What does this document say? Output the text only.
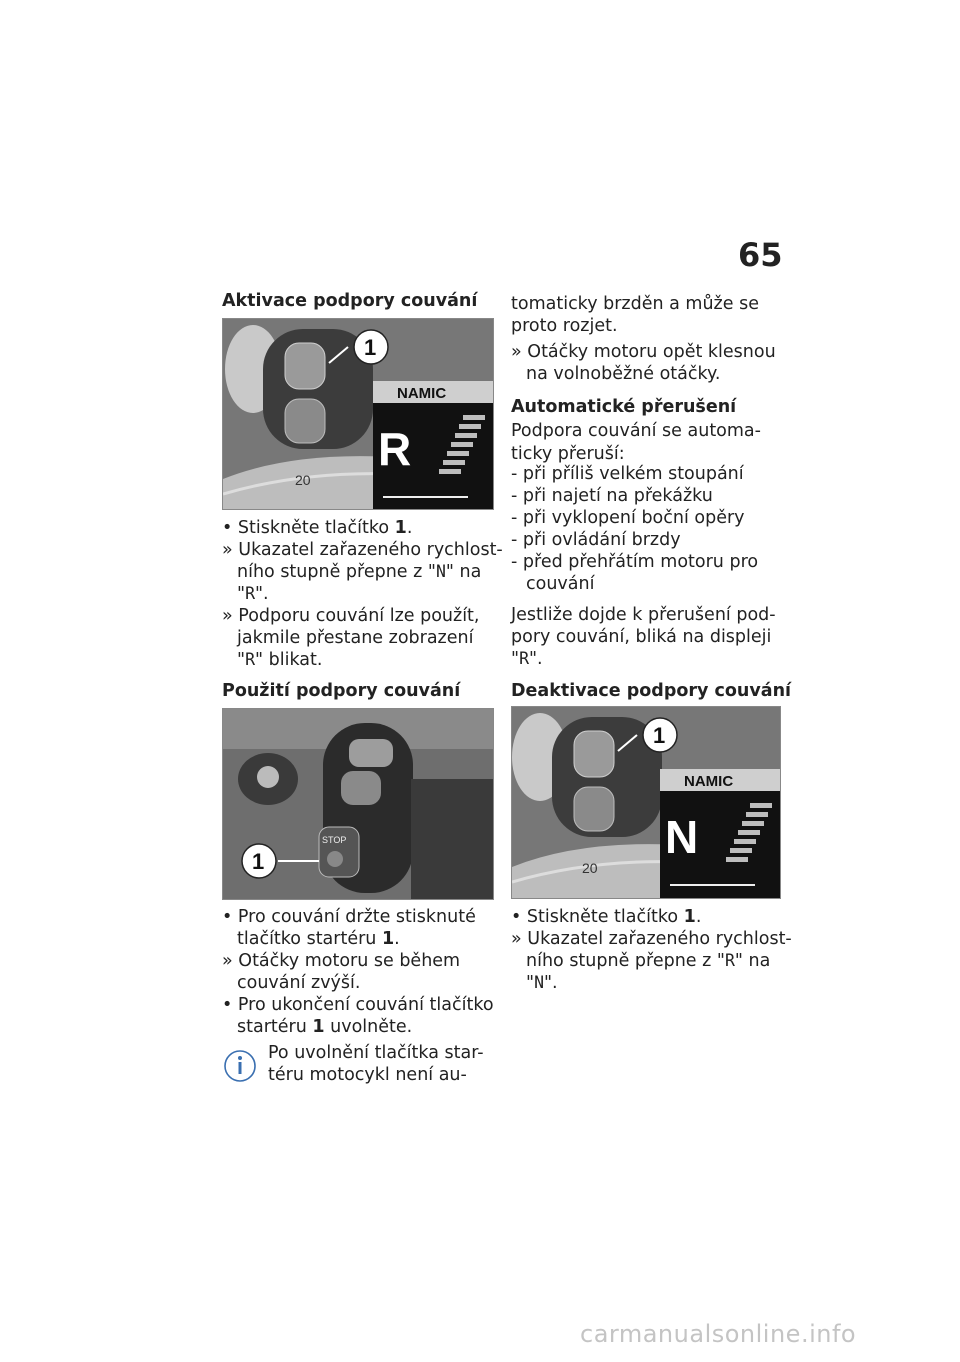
65
Aktivace podpory couvání
NAMIC
R
20
1
• Stiskněte tlačítko 1.
» Ukazatel zařazeného rychlost-
ního stupně přepne z "N" na
"R".
» Podporu couvání lze použít,
jakmile přestane zobrazení
"R" blikat.
Použití podpory couvání
STOP
1
• Pro couvání držte stisknuté
tlačítko startéru 1.
» Otáčky motoru se během
couvání zvýší.
• Pro ukončení couvání tlačítko
startéru 1 uvolněte.
Po uvolnění tlačítka star-
téru motocykl není au-
tomaticky brzděn a může se
proto rozjet.
» Otáčky motoru opět klesnou
na volnoběžné otáčky.
Automatické přerušení
Podpora couvání se automa-
ticky přeruší:
- při příliš velkém stoupání
- při najetí na překážku
- při vyklopení boční opěry
- při ovládání brzdy
- před přehřátím motoru pro
couvání
Jestliže dojde k přerušení pod-
pory couvání, bliká na displeji
"R".
Deaktivace podpory couvání
NAMIC
N
20
1
• Stiskněte tlačítko 1.
» Ukazatel zařazeného rychlost-
ního stupně přepne z "R" na
"N".
carmanualsonline.info
